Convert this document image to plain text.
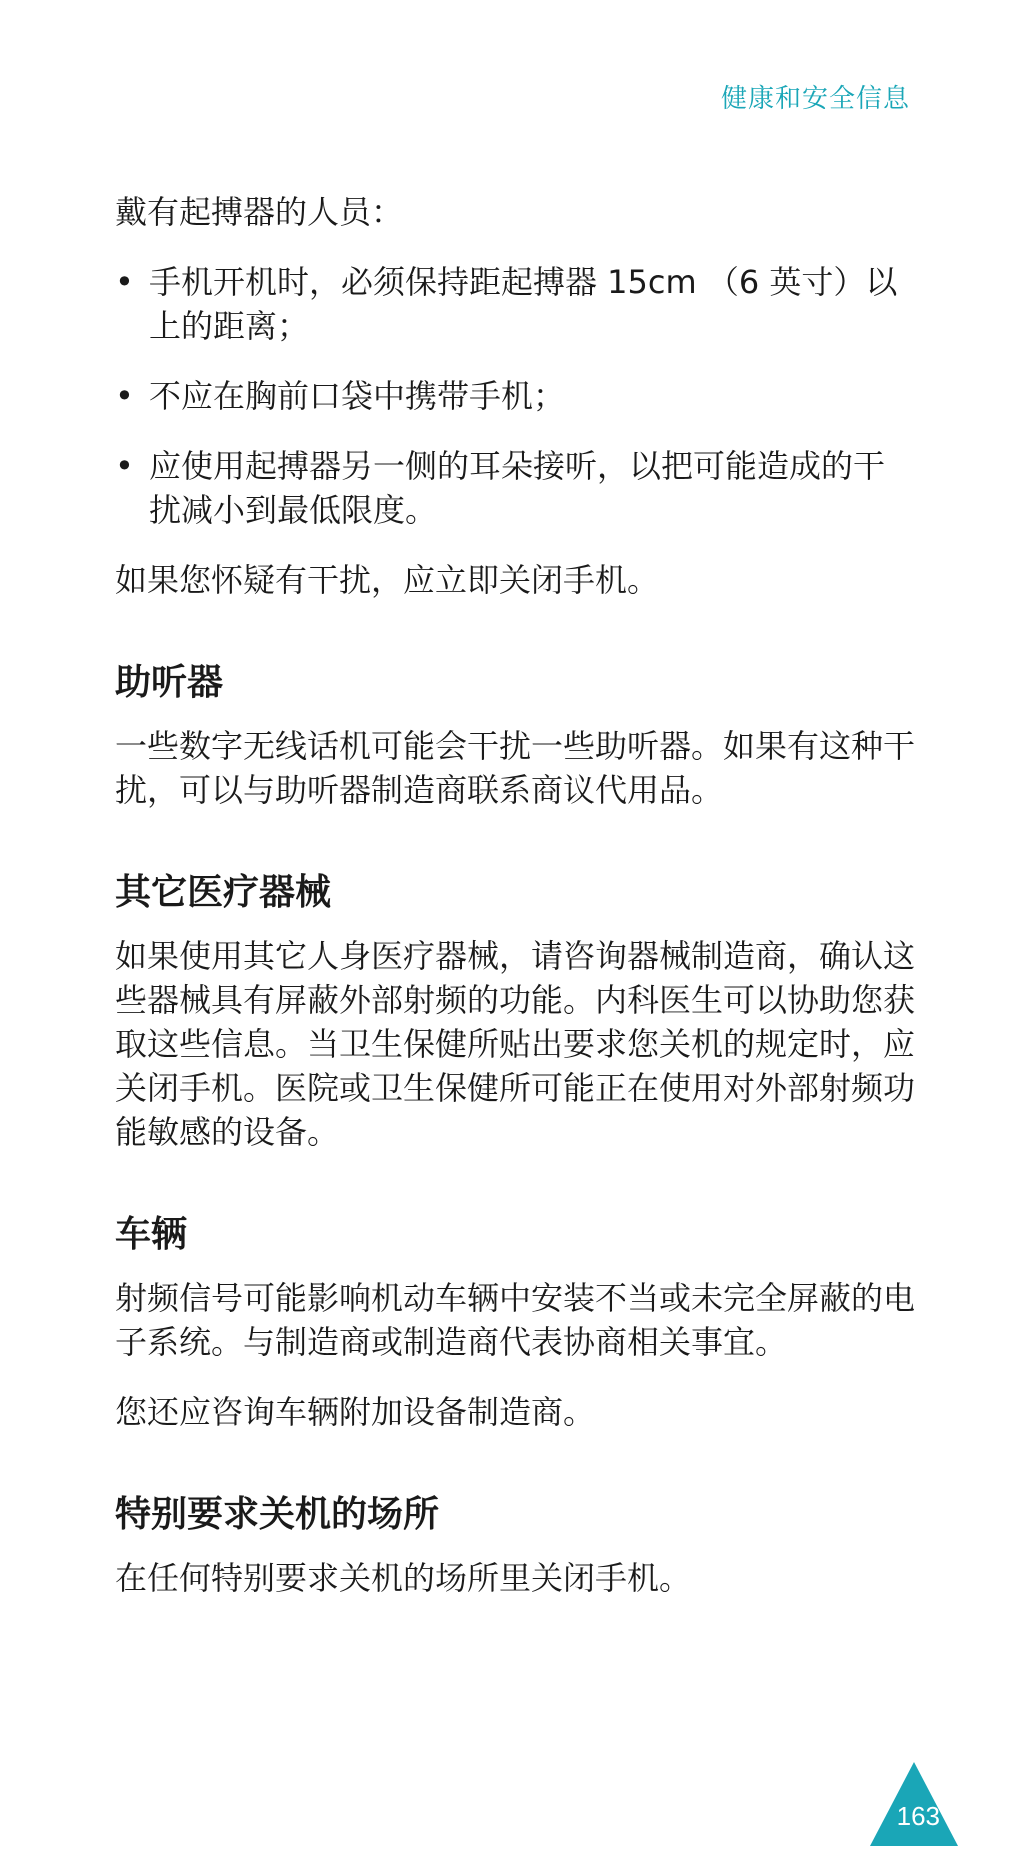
健康和安全信息

戴有起搏器的人员：

• 手机开机时，必须保持距起搏器 15cm （6 英寸）以上的距离；
• 不应在胸前口袋中携带手机；
• 应使用起搏器另一侧的耳朵接听，以把可能造成的干扰减小到最低限度。

如果您怀疑有干扰，应立即关闭手机。

助听器

一些数字无线话机可能会干扰一些助听器。如果有这种干扰，可以与助听器制造商联系商议代用品。

其它医疗器械

如果使用其它人身医疗器械，请咨询器械制造商，确认这些器械具有屏蔽外部射频的功能。内科医生可以协助您获取这些信息。当卫生保健所贴出要求您关机的规定时，应关闭手机。医院或卫生保健所可能正在使用对外部射频功能敏感的设备。

车辆

射频信号可能影响机动车辆中安装不当或未完全屏蔽的电子系统。与制造商或制造商代表协商相关事宜。

您还应咨询车辆附加设备制造商。

特别要求关机的场所

在任何特别要求关机的场所里关闭手机。

163
